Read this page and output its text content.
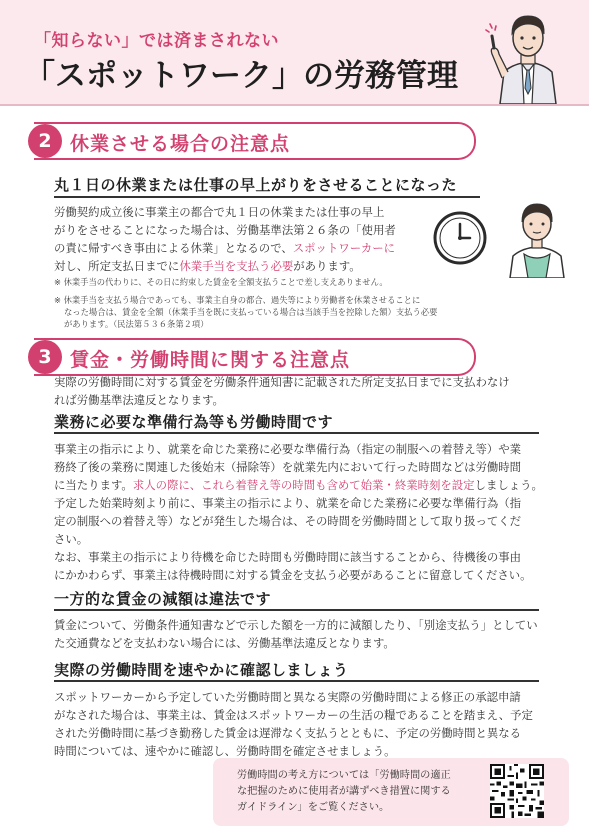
「知らない」では済まされない
「スポットワーク」の労務管理
2 休業させる場合の注意点
丸１日の休業または仕事の早上がりをさせることになった
労働契約成立後に事業主の都合で丸１日の休業または仕事の早上
がりをさせることになった場合は、労働基準法第２６条の「使用者
の責に帰すべき事由による休業」となるので、スポットワーカーに
対し、所定支払日までに休業手当を支払う必要があります。
※ 休業手当の代わりに、その日に約束した賃金を全額支払うことで差し支えありません。
※ 休業手当を支払う場合であっても、事業主自身の都合、過失等により労働者を休業させることに
なった場合は、賃金を全額（休業手当を既に支払っている場合は当該手当を控除した額）支払う必要
があります。（民法第５３６条第２項）
3 賃金・労働時間に関する注意点
実際の労働時間に対する賃金を労働条件通知書に記載された所定支払日までに支払わなけ
れば労働基準法違反となります。
業務に必要な準備行為等も労働時間です
事業主の指示により、就業を命じた業務に必要な準備行為（指定の制服への着替え等）や業
務終了後の業務に関連した後始末（掃除等）を就業先内において行った時間などは労働時間
に当たります。求人の際に、これら着替え等の時間も含めて始業・終業時刻を設定しましょう。
予定した始業時刻より前に、事業主の指示により、就業を命じた業務に必要な準備行為（指
定の制服への着替え等）などが発生した場合は、その時間を労働時間として取り扱ってくだ
さい。
なお、事業主の指示により待機を命じた時間も労働時間に該当することから、待機後の事由
にかかわらず、事業主は待機時間に対する賃金を支払う必要があることに留意してください。
一方的な賃金の減額は違法です
賃金について、労働条件通知書などで示した額を一方的に減額したり、「別途支払う」としてい
た交通費などを支払わない場合には、労働基準法違反となります。
実際の労働時間を速やかに確認しましょう
スポットワーカーから予定していた労働時間と異なる実際の労働時間による修正の承認申請
がなされた場合は、事業主は、賃金はスポットワーカーの生活の糧であることを踏まえ、予定
された労働時間に基づき勤務した賃金は遅滞なく支払うとともに、予定の労働時間と異なる
時間については、速やかに確認し、労働時間を確定させましょう。
労働時間の考え方については「労働時間の適正
な把握のために使用者が講ずべき措置に関する
ガイドライン」をご覧ください。
